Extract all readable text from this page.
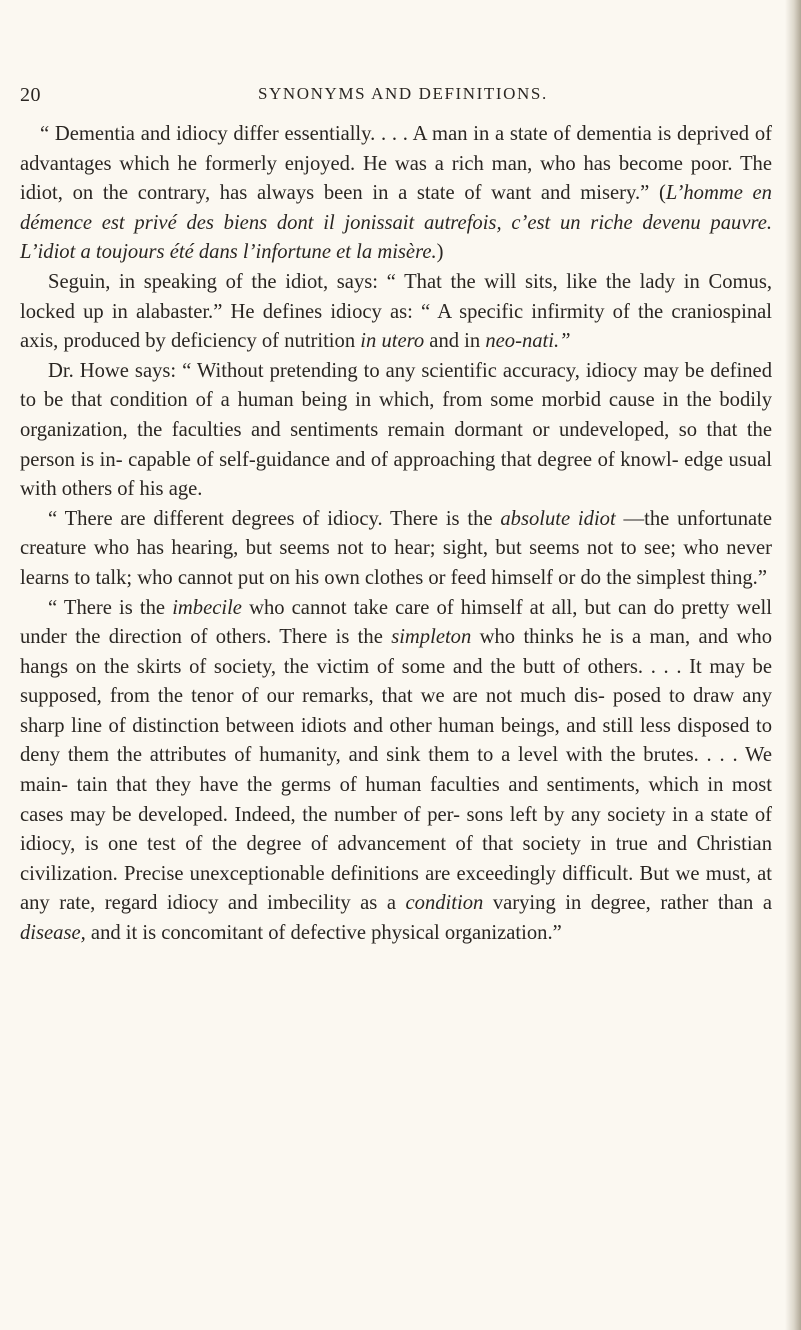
20	SYNONYMS AND DEFINITIONS.

“ Dementia and idiocy differ essentially. . . . A man in a state of dementia is deprived of advantages which he formerly enjoyed. He was a rich man, who has become poor. The idiot, on the contrary, has always been in a state of want and misery.” (L’homme en démence est privé des biens dont il jonissait autrefois, c’est un riche devenu pauvre. L’idiot a toujours été dans l’infortune et la misère.)

Seguin, in speaking of the idiot, says: “ That the will sits, like the lady in Comus, locked up in alabaster.” He defines idiocy as: “ A specific infirmity of the craniospinal axis, produced by deficiency of nutrition in utero and in neo-nati.”

Dr. Howe says: “ Without pretending to any scientific accuracy, idiocy may be defined to be that condition of a human being in which, from some morbid cause in the bodily organization, the faculties and sentiments remain dormant or undeveloped, so that the person is in- capable of self-guidance and of approaching that degree of knowl- edge usual with others of his age.

“ There are different degrees of idiocy. There is the absolute idiot —the unfortunate creature who has hearing, but seems not to hear; sight, but seems not to see; who never learns to talk; who cannot put on his own clothes or feed himself or do the simplest thing.”

“ There is the imbecile who cannot take care of himself at all, but can do pretty well under the direction of others. There is the simpleton who thinks he is a man, and who hangs on the skirts of society, the victim of some and the butt of others. . . . It may be supposed, from the tenor of our remarks, that we are not much dis- posed to draw any sharp line of distinction between idiots and other human beings, and still less disposed to deny them the attributes of humanity, and sink them to a level with the brutes. . . . We main- tain that they have the germs of human faculties and sentiments, which in most cases may be developed. Indeed, the number of per- sons left by any society in a state of idiocy, is one test of the degree of advancement of that society in true and Christian civilization. Precise unexceptionable definitions are exceedingly difficult. But we must, at any rate, regard idiocy and imbecility as a condition varying in degree, rather than a disease, and it is concomitant of defective physical organization.”
